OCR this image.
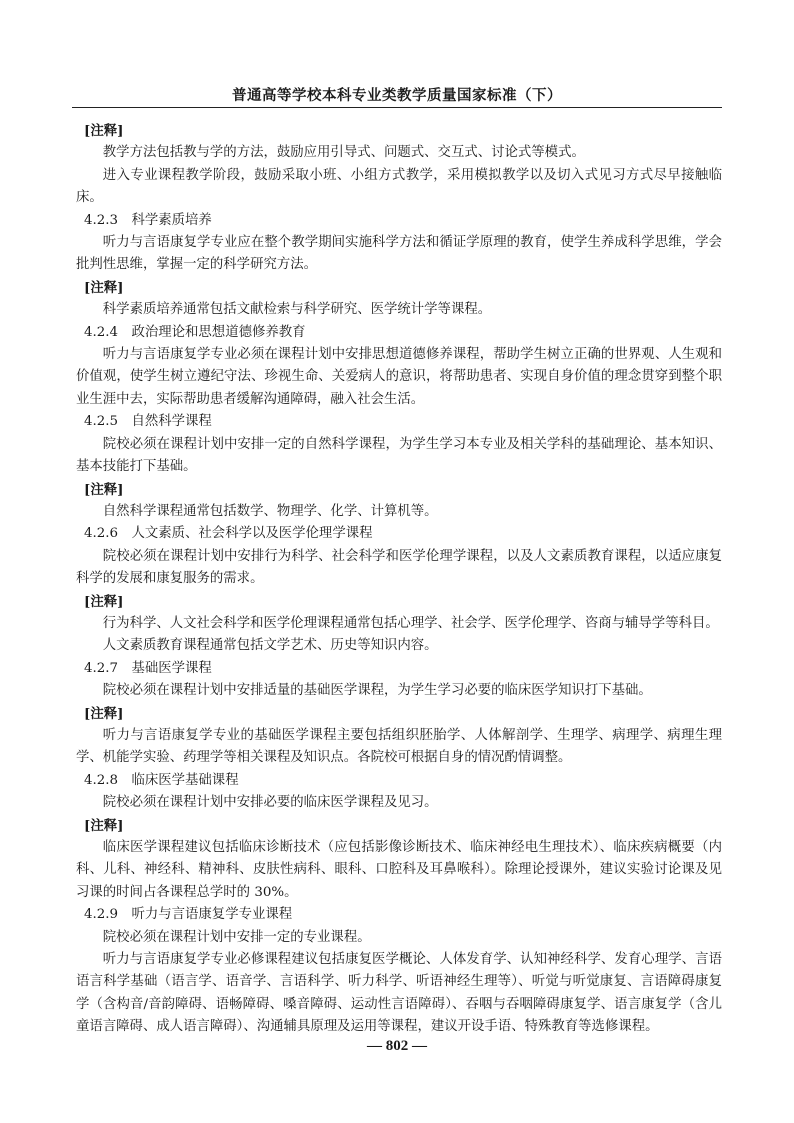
普通高等学校本科专业类教学质量国家标准（下）

[注释]

教学方法包括教与学的方法，鼓励应用引导式、问题式、交互式、讨论式等模式。

进入专业课程教学阶段，鼓励采取小班、小组方式教学，采用模拟教学以及切入式见习方式尽早接触临床。

4.2.3　科学素质培养

听力与言语康复学专业应在整个教学期间实施科学方法和循证学原理的教育，使学生养成科学思维，学会批判性思维，掌握一定的科学研究方法。

[注释]

科学素质培养通常包括文献检索与科学研究、医学统计学等课程。

4.2.4　政治理论和思想道德修养教育

听力与言语康复学专业必须在课程计划中安排思想道德修养课程，帮助学生树立正确的世界观、人生观和价值观，使学生树立遵纪守法、珍视生命、关爱病人的意识，将帮助患者、实现自身价值的理念贯穿到整个职业生涯中去，实际帮助患者缓解沟通障碍，融入社会生活。

4.2.5　自然科学课程

院校必须在课程计划中安排一定的自然科学课程，为学生学习本专业及相关学科的基础理论、基本知识、基本技能打下基础。

[注释]

自然科学课程通常包括数学、物理学、化学、计算机等。

4.2.6　人文素质、社会科学以及医学伦理学课程

院校必须在课程计划中安排行为科学、社会科学和医学伦理学课程，以及人文素质教育课程，以适应康复科学的发展和康复服务的需求。

[注释]

行为科学、人文社会科学和医学伦理课程通常包括心理学、社会学、医学伦理学、咨商与辅导学等科目。

人文素质教育课程通常包括文学艺术、历史等知识内容。

4.2.7　基础医学课程

院校必须在课程计划中安排适量的基础医学课程，为学生学习必要的临床医学知识打下基础。

[注释]

听力与言语康复学专业的基础医学课程主要包括组织胚胎学、人体解剖学、生理学、病理学、病理生理学、机能学实验、药理学等相关课程及知识点。各院校可根据自身的情况酌情调整。

4.2.8　临床医学基础课程

院校必须在课程计划中安排必要的临床医学课程及见习。

[注释]

临床医学课程建议包括临床诊断技术（应包括影像诊断技术、临床神经电生理技术）、临床疾病概要（内科、儿科、神经科、精神科、皮肤性病科、眼科、口腔科及耳鼻喉科）。除理论授课外，建议实验讨论课及见习课的时间占各课程总学时的 30%。

4.2.9　听力与言语康复学专业课程

院校必须在课程计划中安排一定的专业课程。

听力与言语康复学专业必修课程建议包括康复医学概论、人体发育学、认知神经科学、发育心理学、言语语言科学基础（语言学、语音学、言语科学、听力科学、听语神经生理等）、听觉与听觉康复、言语障碍康复学（含构音/音韵障碍、语畅障碍、嗓音障碍、运动性言语障碍）、吞咽与吞咽障碍康复学、语言康复学（含儿童语言障碍、成人语言障碍）、沟通辅具原理及运用等课程，建议开设手语、特殊教育等选修课程。

— 802 —
